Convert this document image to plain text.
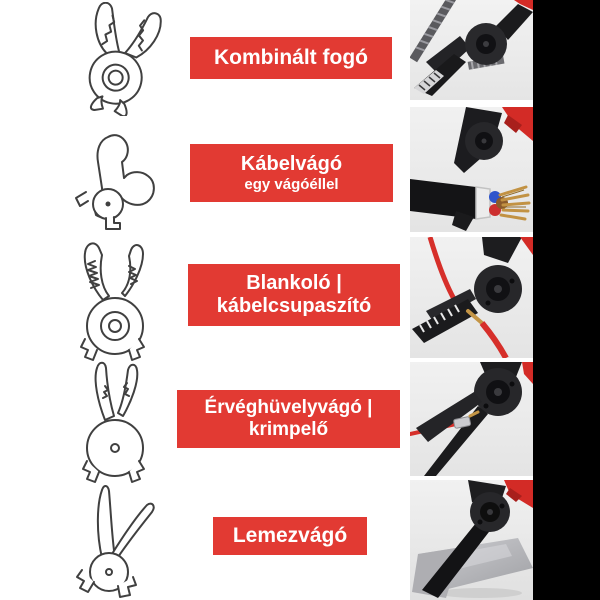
Kombinált fogó
Kábelvágó
egy vágóéllel
Blankoló |
kábelcsupaszító
Érvéghüvelyvágó |
krimpelő
Lemezvágó
